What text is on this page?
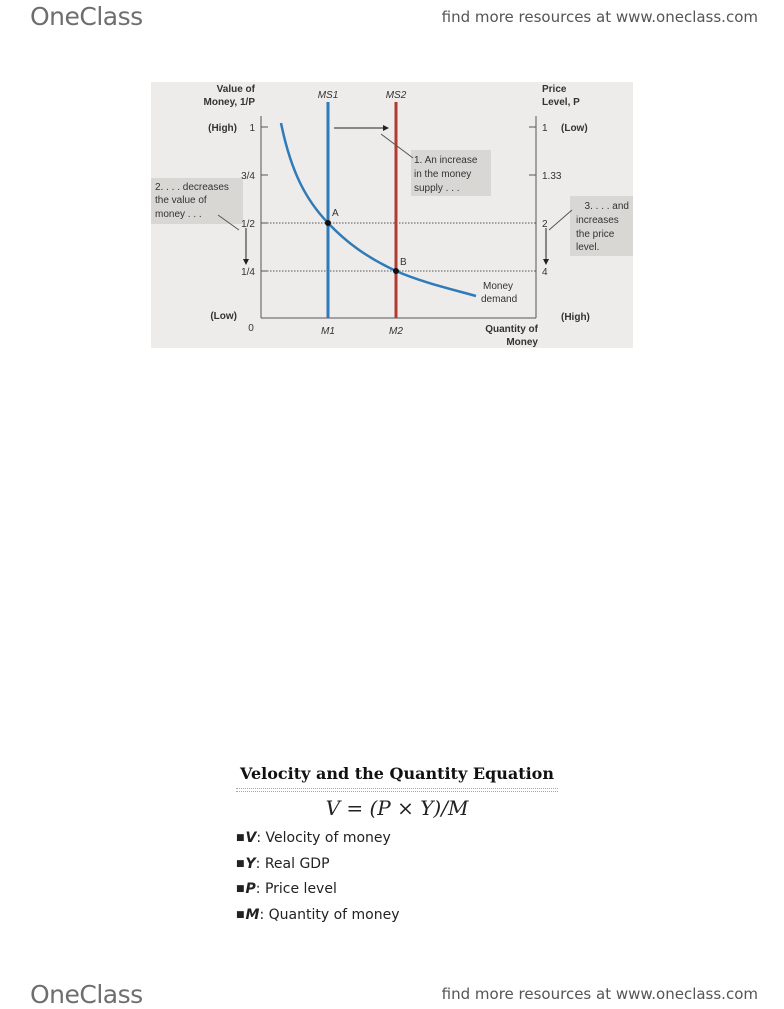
OneClass	find more resources at www.oneclass.com
Value of
Money, 1/P
(High) 1
3/4
1/2
1/4
(Low)
0
Price
Level, P
1 (Low)
1.33
2
4
(High)
M1	M2	Quantity of
Money
MS1	MS2
A
B
Money
demand
1. An increase
in the money
supply . . .
2. . . . decreases
the value of
money . . .
3. . . . and
increases
the price
level.
Velocity and the Quantity Equation
V = (P × Y)/M
■V: Velocity of money
■Y: Real GDP
■P: Price level
■M: Quantity of money
OneClass	find more resources at www.oneclass.com
